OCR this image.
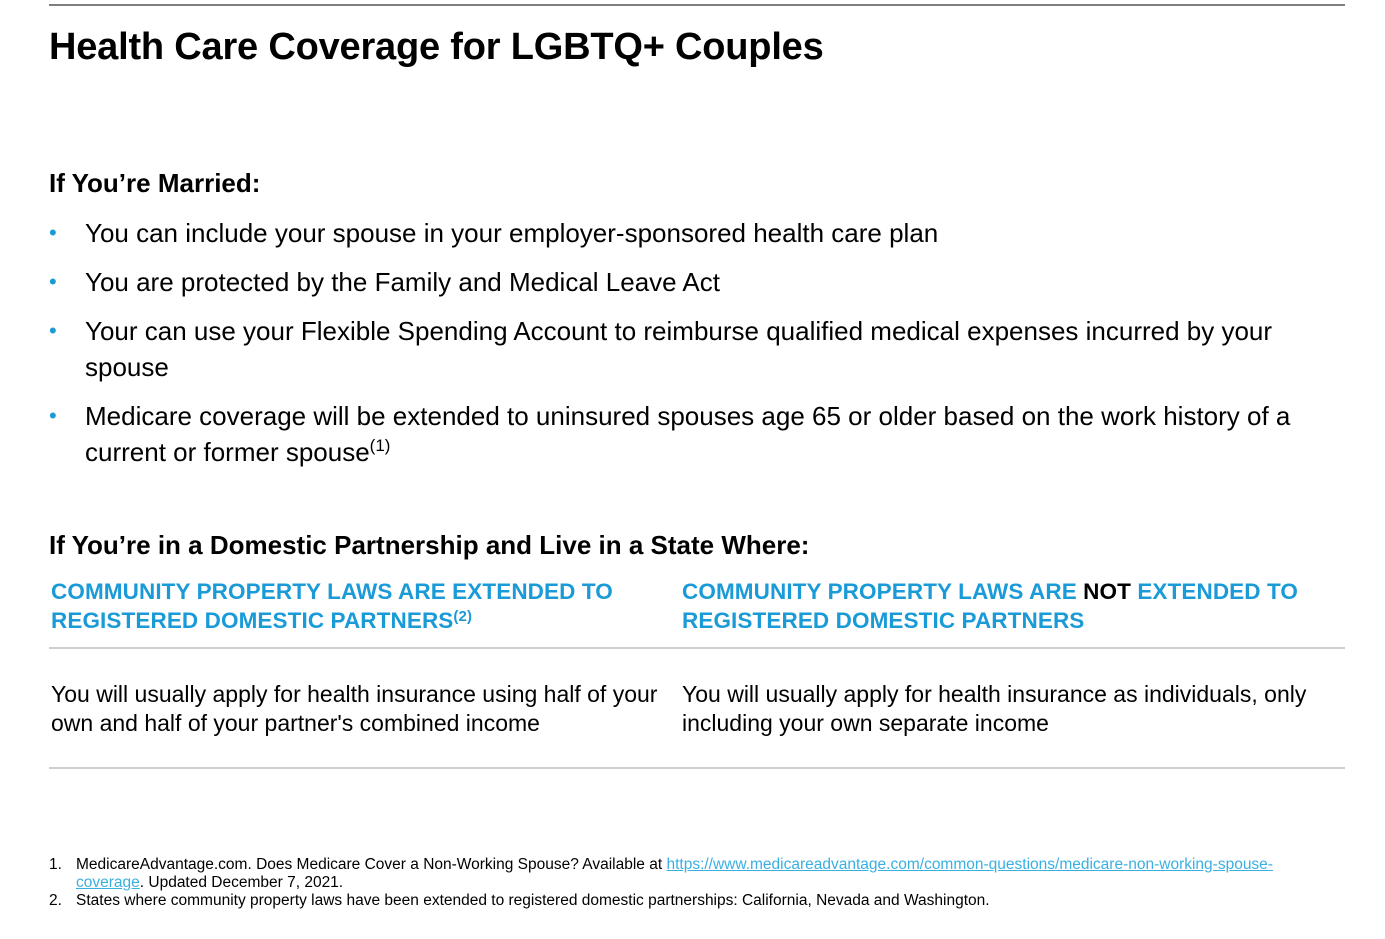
Health Care Coverage for LGBTQ+ Couples
If You’re Married:
• You can include your spouse in your employer-sponsored health care plan
• You are protected by the Family and Medical Leave Act
• Your can use your Flexible Spending Account to reimburse qualified medical expenses incurred by your spouse
• Medicare coverage will be extended to uninsured spouses age 65 or older based on the work history of a current or former spouse$^{(1)}$
If You’re in a Domestic Partnership and Live in a State Where:
COMMUNITY PROPERTY LAWS ARE EXTENDED TO REGISTERED DOMESTIC PARTNERS$^{(2)}$
COMMUNITY PROPERTY LAWS ARE NOT EXTENDED TO REGISTERED DOMESTIC PARTNERS

You will usually apply for health insurance using half of your own and half of your partner's combined income

You will usually apply for health insurance as individuals, only including your own separate income

1. MedicareAdvantage.com. Does Medicare Cover a Non-Working Spouse? Available at https://www.medicareadvantage.com/common-questions/medicare-non-working-spouse-coverage. Updated December 7, 2021.
2. States where community property laws have been extended to registered domestic partnerships: California, Nevada and Washington.
